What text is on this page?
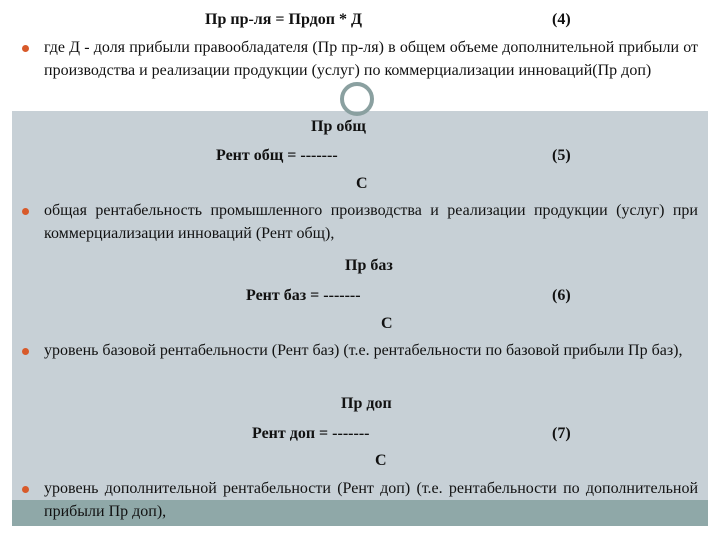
Пр пр-ля = Прдоп * Д	(4)
где Д - доля прибыли правообладателя (Пр пр-ля) в общем объеме дополнительной прибыли от производства и реализации продукции (услуг) по коммерциализации инноваций(Пр доп)
Пр общ
Рент общ = -------	(5)
С
общая рентабельность промышленного производства и реализации продукции (услуг) при коммерциализации инноваций (Рент общ),
Пр баз
Рент баз = -------	(6)
С
уровень базовой рентабельности (Рент баз) (т.е. рентабельности по базовой прибыли Пр баз),
Пр доп
Рент доп = -------	(7)
С
уровень дополнительной рентабельности (Рент доп) (т.е. рентабельности по дополнительной прибыли Пр доп),
